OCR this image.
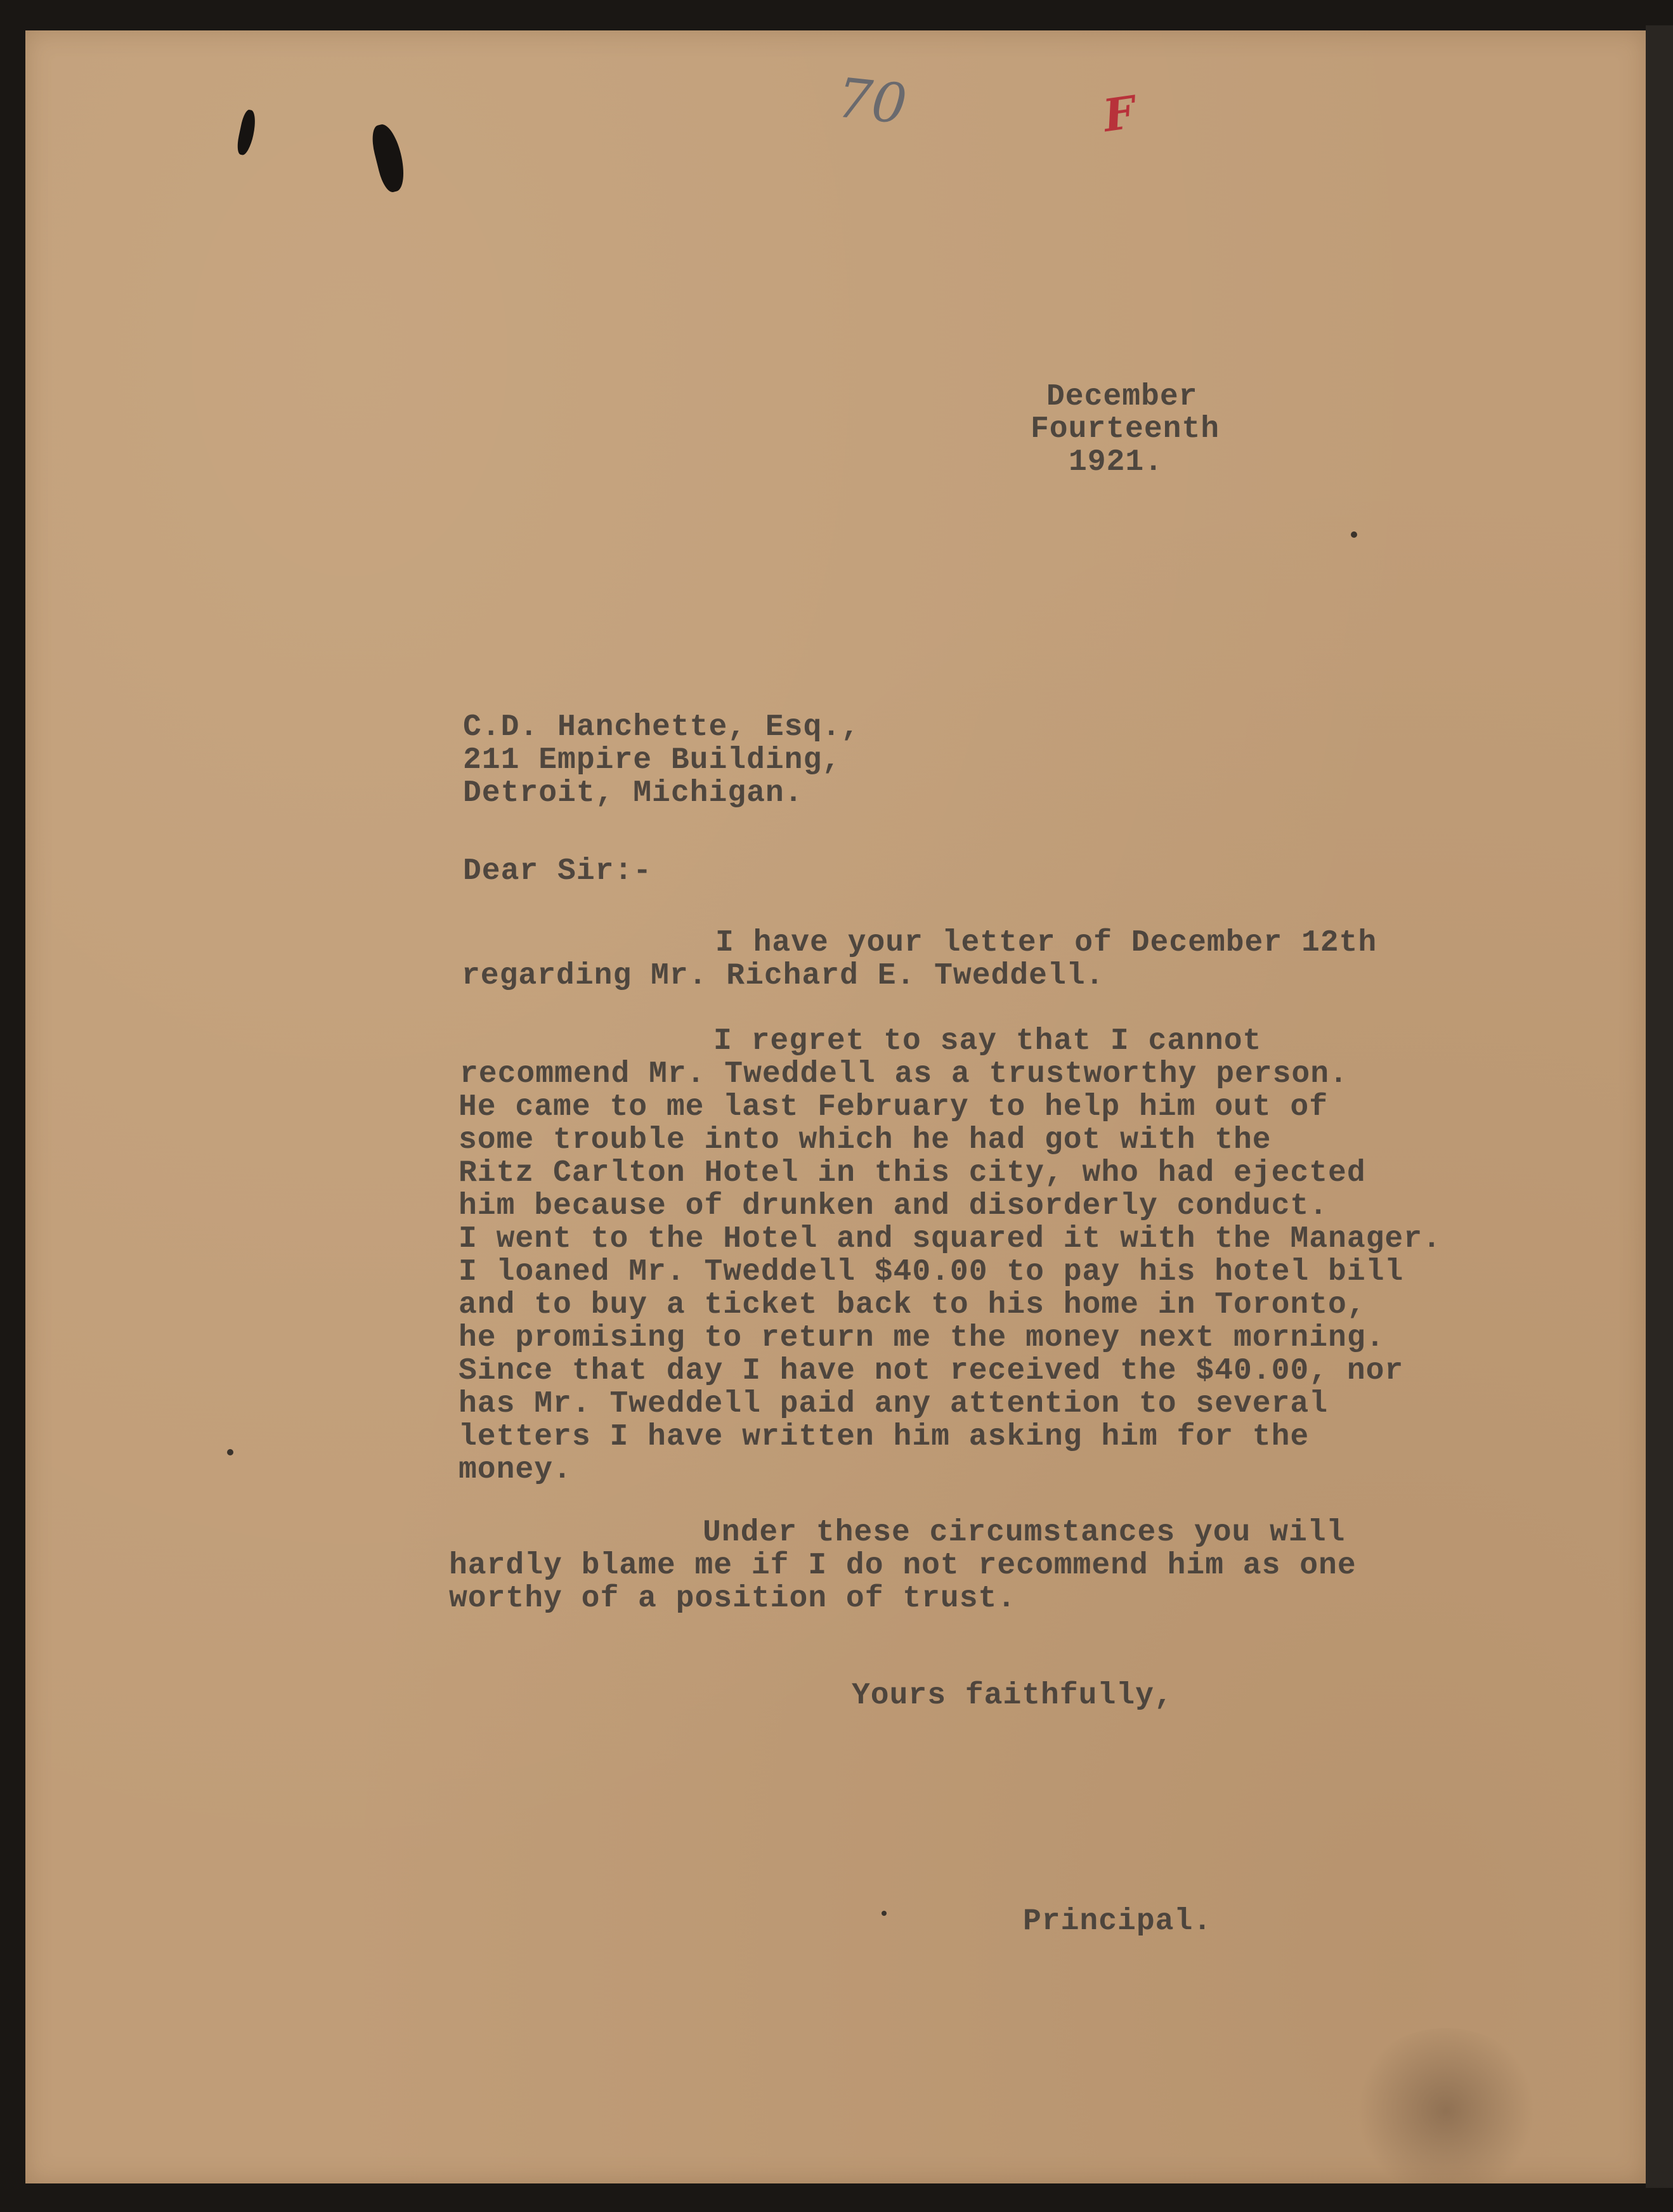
70	F
December
Fourteenth
1921.
C.D. Hanchette, Esq.,
211 Empire Building,
Detroit, Michigan.
Dear Sir:-
I have your letter of December 12th
regarding Mr. Richard E. Tweddell.
I regret to say that I cannot
recommend Mr. Tweddell as a trustworthy person.
He came to me last February to help him out of
some trouble into which he had got with the
Ritz Carlton Hotel in this city, who had ejected
him because of drunken and disorderly conduct.
I went to the Hotel and squared it with the Manager.
I loaned Mr. Tweddell $40.00 to pay his hotel bill
and to buy a ticket back to his home in Toronto,
he promising to return me the money next morning.
Since that day I have not received the $40.00, nor
has Mr. Tweddell paid any attention to several
letters I have written him asking him for the
money.
Under these circumstances you will
hardly blame me if I do not recommend him as one
worthy of a position of trust.
Yours faithfully,
Principal.
